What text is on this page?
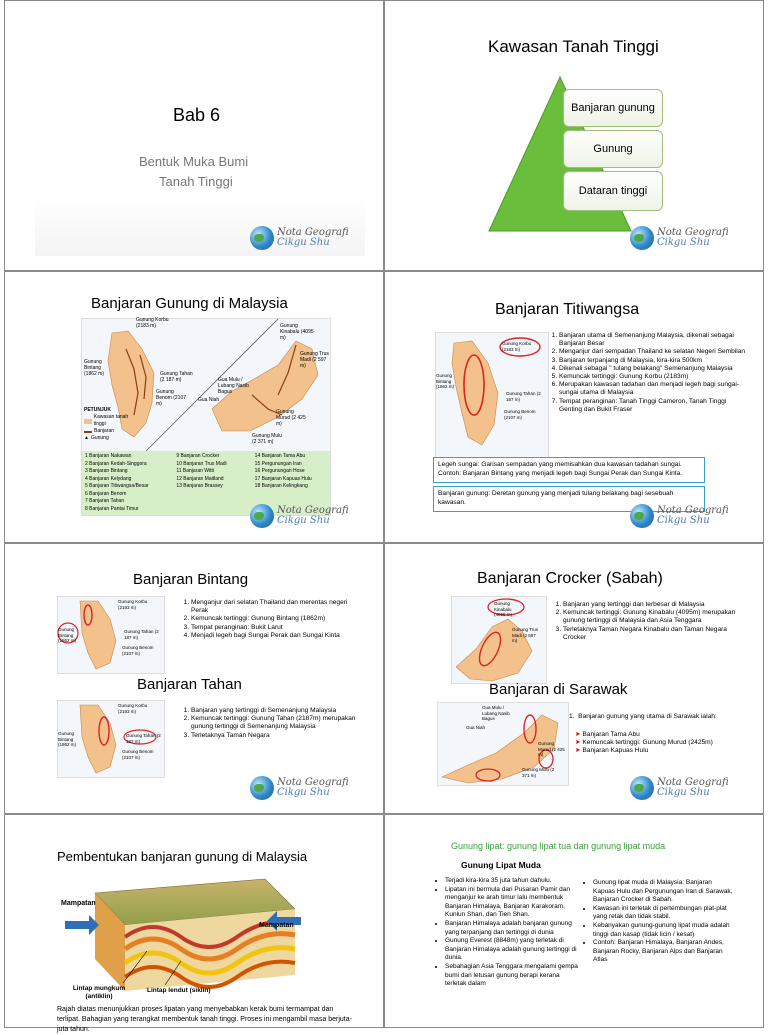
Bab 6
Bentuk Muka Bumi
Tanah Tinggi
Nota Geografi
Cikgu Shu
Kawasan Tanah Tinggi
Banjaran gunung
Gunung
Dataran tinggi
Nota Geografi
Cikgu Shu
Banjaran Gunung di Malaysia
Gunung Korbu (2183 m)
Gunung Bintang (1862 m)	Gunung Tahan (2 187 m)
Gunung Benom (2107 m)
Gunung Kinabalu (4095 m)
Gunung Trus Madi (2 597 m)
Gua Mulu / Lubang Nasib Bagus
Gua Niah
Gunung Murud (2 425 m)
Gunung Mulu (2 371 m)
PETUNJUK
Kawasan tanah tinggi
Banjaran
▲ Gunung
1 Banjaran Nakawan
2 Banjaran Kedah-Singgora
3 Banjaran Bintang
4 Banjaran Kelydang
5 Banjaran Titiwangsa/Besar
6 Banjaran Benom
7 Banjaran Tahan
8 Banjaran Pantai Timur
9 Banjaran Crocker
10 Banjaran Trus Madi
11 Banjaran Witti
12 Banjaran Maitland
13 Banjaran Brassey
14 Banjaran Tama Abu
15 Pergunungan Iran
16 Pergunungan Hose
17 Banjaran Kapuas Hulu
18 Banjaran Kelingkang
Nota Geografi
Cikgu Shu
Banjaran Titiwangsa
Gunung Korbu (2183 m)
Gunung Bintang (1862 m)
Gunung Tahan (2 187 m)
Gunung Benom (2107 m)
1. Banjaran utama di Semenanjung Malaysia, dikenali sebagai Banjaran Besar
2. Menganjur dari sempadan Thailand ke selatan Negeri Sembilan
3. Banjaran terpanjang di Malaysia, kira-kira 500km
4. Dikenali sebagai " tulang belakang" Semenanjung Malaysia
5. Kemuncak tertinggi: Gunung Korbu (2183m)
6. Merupakan kawasan tadahan dan menjadi legeh bagi sungai-sungai utama di Malaysia
7. Tempat peranginan: Tanah Tinggi Cameron, Tanah Tinggi Genting dan Bukit Fraser
Legeh sungai: Garisan sempadan yang memisahkan dua kawasan tadahan sungai. Contoh: Banjaran Bintang yang menjadi legeh bagi Sungai Perak dan Sungai Kinta.
Banjaran gunung: Deretan gunung yang menjadi tulang belakang bagi sesebuah kawasan.
Nota Geografi
Cikgu Shu
Banjaran Bintang
Gunung Bintang (1862 m)
Gunung Korbu (2183 m)
Gunung Tahan (2 187 m)
Gunung Benom (2107 m)
1. Menganjur dari selatan Thailand dan merentas negeri Perak
2. Kemuncak tertinggi: Gunung Bintang (1862m)
3. Tempat peranginan: Bukit Larut
4. Menjadi legeh bagi Sungai Perak dan Sungai Kinta
Banjaran Tahan
Gunung Korbu (2183 m)
Gunung Bintang (1862 m)
Gunung Tahan (2 187 m)
Gunung Benom (2107 m)
1. Banjaran yang tertinggi di Semenanjung Malaysia
2. Kemuncak tertinggi: Gunung Tahan (2187m) merupakan gunung tertinggi di Semenanjung Malaysia
3. Terletaknya Taman Negara
Nota Geografi
Cikgu Shu
Banjaran Crocker (Sabah)
Gunung Kinabalu (4095 m)
Gunung Trus Madi (2 597 m)
1. Banjaran yang tertinggi dan terbesar di Malaysia
2. Kemuncak tertinggi: Gunung Kinabalu (4095m) merupakan gunung tertinggi di Malaysia dan Asia Tenggara
3. Terletaknya Taman Negara Kinabalu dan Taman Negara Crocker
Banjaran di Sarawak
Gua Mulu / Lubang Nasib Bagus
Gua Niah
Gunung Murud (2 425 m)
Gunung Mulu (2 371 m)
1.  Banjaran gunung yang utama di Sarawak ialah:
➤ Banjaran Tama Abu
➤ Kemuncak tertinggi: Gunung Murud (2425m)
➤ Banjaran Kapuas Hulu
Nota Geografi
Cikgu Shu
Pembentukan banjaran gunung di Malaysia
Mampatan
Mampatan
Lintap mungkum (antiklin)
Lintap lendut (siklin)
Rajah diatas menunjukkan proses lipatan yang menyebabkan kerak bumi termampat dan terlipat. Bahagian yang terangkat membentuk tanah tinggi. Proses ini mengambil masa berjuta-juta tahun.
Gunung lipat: gunung lipat tua dan gunung lipat muda
Gunung Lipat Muda
• Terjadi kira-kira 35 juta tahun dahulu.
• Lipatan ini bermula dari Pusaran Pamir dan menganjur ke arah timur lalu membentuk Banjaran Himalaya, Banjaran Karakoram, Kunlun Shan, dan Tien Shan.
• Banjaran Himalaya adalah banjaran gunung yang terpanjang dan tertinggi di dunia
• Gunung Everest (8848m) yang terletak di Banjaran Himalaya adalah gunung tertinggi di dunia.
• Sebahagian Asia Tenggara mengalami gempa bumi dan letusan gunung berapi kerana terletak dalam
• Gunung lipat muda di Malaysia: Banjaran Kapuas Hulu dan Pergunungan Iran di Sarawak, Banjaran Crocker di Sabah.
• Kawasan ini terletak di pertembungan plat-plat yang retak dan tidak stabil.
• Kebanyakan gunung-gunung lipat muda adalah tinggi dan kasap (tidak licin / kesat)
• Contoh: Banjaran Himalaya, Banjaran Andes, Banjaran Rocky, Banjaran Alps dan Banjaran Atlas
